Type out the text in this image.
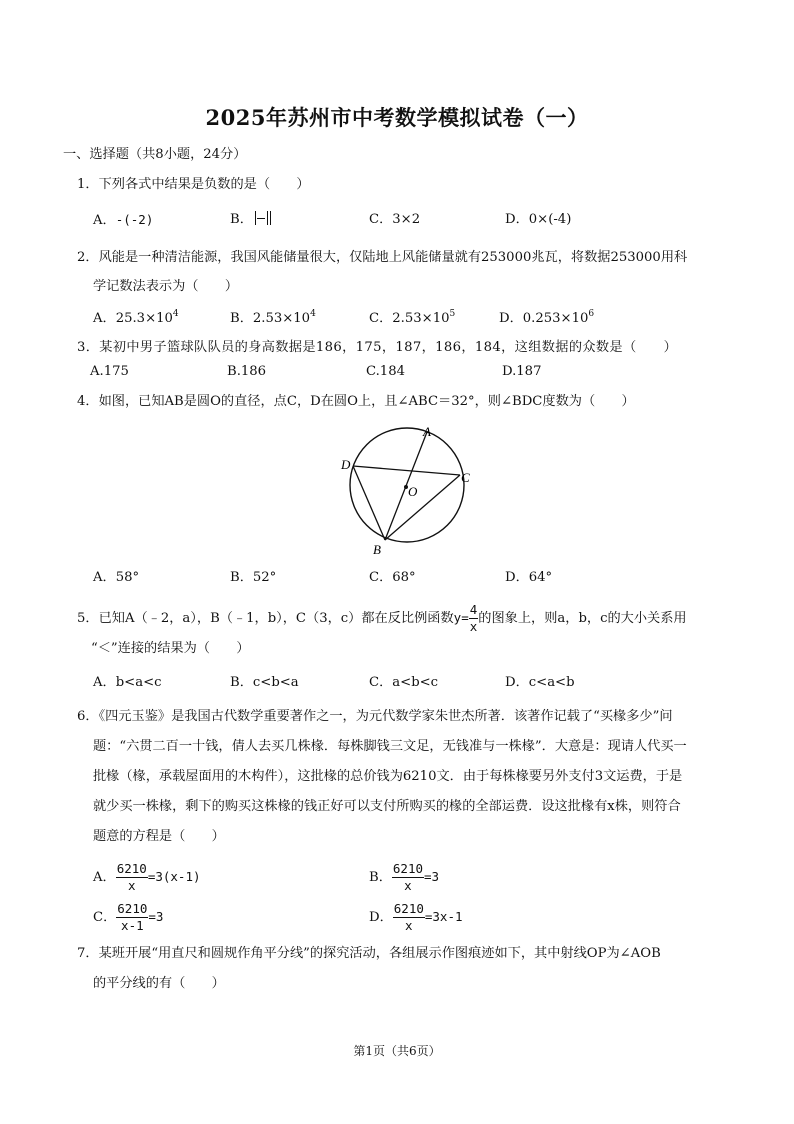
2025年苏州市中考数学模拟试卷（一）
一、选择题（共8小题，24分）
1．下列各式中结果是负数的是（　　）
A．-(-2)	B．	C．3×2	D．0×(-4)
2．风能是一种清洁能源，我国风能储量很大，仅陆地上风能储量就有253000兆瓦，将数据253000用科
学记数法表示为（　　）
A．$25.3\times 10^4$	B．$2.53\times 10^4$	C．$2.53\times 10^5$	D．$0.253\times 10^6$
3．某初中男子篮球队队员的身高数据是186，175，187，186，184，这组数据的众数是（　　）
A.175	B.186	C.184	D.187
4．如图，已知AB是圆O的直径，点C，D在圆O上，且∠ABC＝32°，则∠BDC度数为（　　）
A
D
C
O
B
A．58°	B．52°	C．68°	D．64°
5．已知A（﹣2，a），B（﹣1，b），C（3，c）都在反比例函数$y= \frac{4}{x}$ 的图象上，则a，b，c的大小关系用
“＜”连接的结果为（　　）
A．b<a<c	B．c<b<a	C．a<b<c	D．c<a<b
6．《四元玉鉴》是我国古代数学重要著作之一，为元代数学家朱世杰所著．该著作记载了“买椽多少”问
题：“六贯二百一十钱，倩人去买几株椽．每株脚钱三文足，无钱准与一株椽”．大意是：现请人代买一
批椽（椽，承载屋面用的木构件），这批椽的总价钱为6210文．由于每株椽要另外支付3文运费，于是
就少买一株椽，剩下的购买这株椽的钱正好可以支付所购买的椽的全部运费．设这批椽有x株，则符合
题意的方程是（　　）
A． $\frac{6210}{x} =3(x-1)$	B． $\frac{6210}{x} =3$
C． $\frac{6210}{x-1} =3$	D． $\frac{6210}{x} =3x-1$
7．某班开展“用直尺和圆规作角平分线”的探究活动，各组展示作图痕迹如下，其中射线OP为∠AOB
的平分线的有（　　）
第1页（共6页）
